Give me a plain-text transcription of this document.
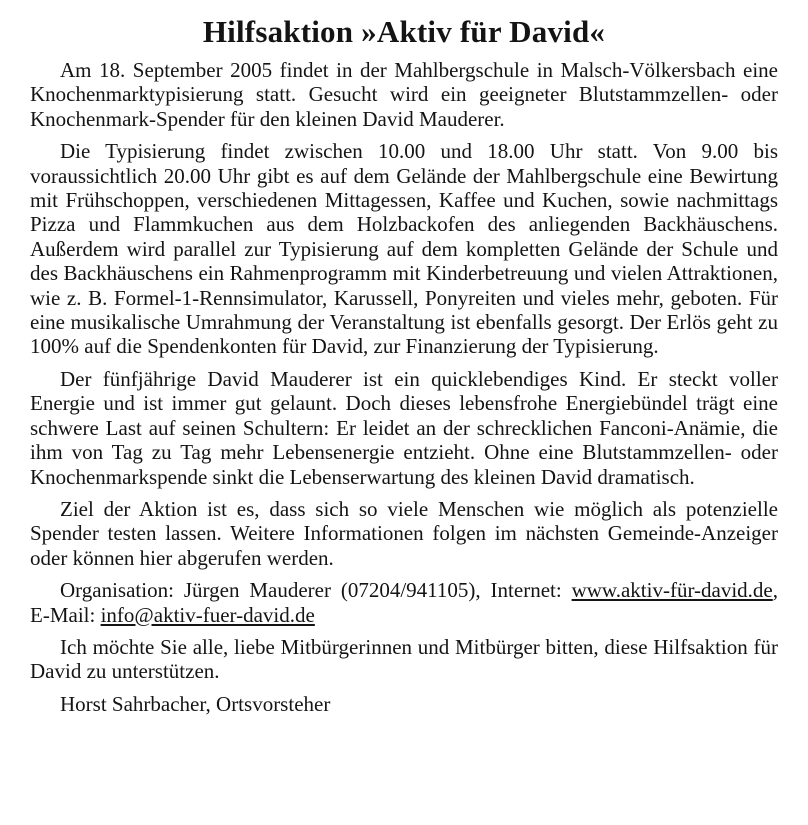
Hilfsaktion »Aktiv für David«

Am 18. September 2005 findet in der Mahlbergschule in Malsch-Völkersbach eine Knochenmarktypisierung statt. Gesucht wird ein geeigneter Blutstammzellen- oder Knochenmark-Spender für den kleinen David Mauderer.

Die Typisierung findet zwischen 10.00 und 18.00 Uhr statt. Von 9.00 bis voraussichtlich 20.00 Uhr gibt es auf dem Gelände der Mahlbergschule eine Bewirtung mit Frühschoppen, verschiedenen Mittagessen, Kaffee und Kuchen, sowie nachmittags Pizza und Flammkuchen aus dem Holzbackofen des anliegenden Backhäuschens. Außerdem wird parallel zur Typisierung auf dem kompletten Gelände der Schule und des Backhäuschens ein Rahmenprogramm mit Kinderbetreuung und vielen Attraktionen, wie z. B. Formel-1-Rennsimulator, Karussell, Ponyreiten und vieles mehr, geboten. Für eine musikalische Umrahmung der Veranstaltung ist ebenfalls gesorgt. Der Erlös geht zu 100% auf die Spendenkonten für David, zur Finanzierung der Typisierung.

Der fünfjährige David Mauderer ist ein quicklebendiges Kind. Er steckt voller Energie und ist immer gut gelaunt. Doch dieses lebensfrohe Energiebündel trägt eine schwere Last auf seinen Schultern: Er leidet an der schrecklichen Fanconi-Anämie, die ihm von Tag zu Tag mehr Lebensenergie entzieht. Ohne eine Blutstammzellen- oder Knochenmarkspende sinkt die Lebenserwartung des kleinen David dramatisch.

Ziel der Aktion ist es, dass sich so viele Menschen wie möglich als potenzielle Spender testen lassen. Weitere Informationen folgen im nächsten Gemeinde-Anzeiger oder können hier abgerufen werden.

Organisation: Jürgen Mauderer (07204/941105), Internet: www.aktiv-für-david.de, E-Mail: info@aktiv-fuer-david.de

Ich möchte Sie alle, liebe Mitbürgerinnen und Mitbürger bitten, diese Hilfsaktion für David zu unterstützen.

Horst Sahrbacher, Ortsvorsteher
